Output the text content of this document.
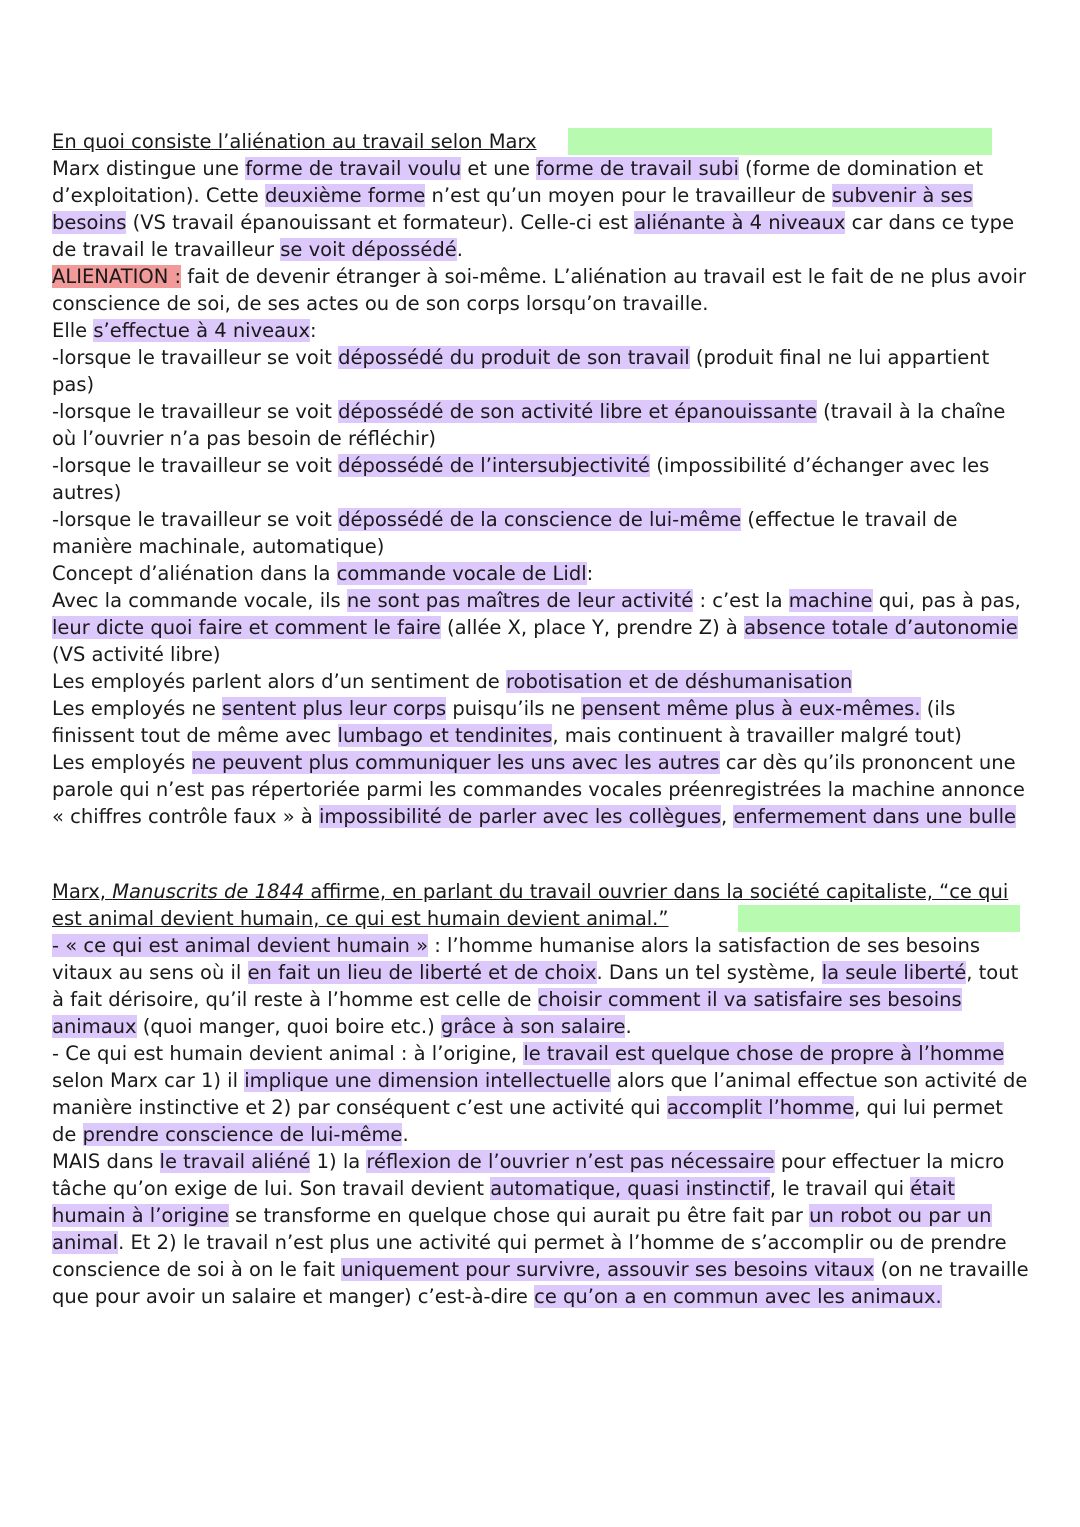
En quoi consiste l’aliénation au travail selon Marx

Marx distingue une forme de travail voulu et une forme de travail subi (forme de domination et d’exploitation). Cette deuxième forme n’est qu’un moyen pour le travailleur de subvenir à ses besoins (VS travail épanouissant et formateur). Celle-ci est aliénante à 4 niveaux car dans ce type de travail le travailleur se voit dépossédé.

ALIENATION : fait de devenir étranger à soi-même. L’aliénation au travail est le fait de ne plus avoir conscience de soi, de ses actes ou de son corps lorsqu’on travaille.

Elle s’effectue à 4 niveaux:

-lorsque le travailleur se voit dépossédé du produit de son travail (produit final ne lui appartient pas)

-lorsque le travailleur se voit dépossédé de son activité libre et épanouissante (travail à la chaîne où l’ouvrier n’a pas besoin de réfléchir)

-lorsque le travailleur se voit dépossédé de l’intersubjectivité (impossibilité d’échanger avec les autres)

-lorsque le travailleur se voit dépossédé de la conscience de lui-même (effectue le travail de manière machinale, automatique)

Concept d’aliénation dans la commande vocale de Lidl:

Avec la commande vocale, ils ne sont pas maîtres de leur activité : c’est la machine qui, pas à pas, leur dicte quoi faire et comment le faire (allée X, place Y, prendre Z) à absence totale d’autonomie (VS activité libre)

Les employés parlent alors d’un sentiment de robotisation et de déshumanisation

Les employés ne sentent plus leur corps puisqu’ils ne pensent même plus à eux-mêmes. (ils finissent tout de même avec lumbago et tendinites, mais continuent à travailler malgré tout)

Les employés ne peuvent plus communiquer les uns avec les autres car dès qu’ils prononcent une parole qui n’est pas répertoriée parmi les commandes vocales préenregistrées la machine annonce « chiffres contrôle faux » à impossibilité de parler avec les collègues, enfermement dans une bulle

Marx, Manuscrits de 1844 affirme, en parlant du travail ouvrier dans la société capitaliste, “ce qui est animal devient humain, ce qui est humain devient animal.”

- « ce qui est animal devient humain » : l’homme humanise alors la satisfaction de ses besoins vitaux au sens où il en fait un lieu de liberté et de choix. Dans un tel système, la seule liberté, tout à fait dérisoire, qu’il reste à l’homme est celle de choisir comment il va satisfaire ses besoins animaux (quoi manger, quoi boire etc.) grâce à son salaire.

- Ce qui est humain devient animal : à l’origine, le travail est quelque chose de propre à l’homme selon Marx car 1) il implique une dimension intellectuelle alors que l’animal effectue son activité de manière instinctive et 2) par conséquent c’est une activité qui accomplit l’homme, qui lui permet de prendre conscience de lui-même.

MAIS dans le travail aliéné 1) la réflexion de l’ouvrier n’est pas nécessaire pour effectuer la micro tâche qu’on exige de lui. Son travail devient automatique, quasi instinctif, le travail qui était humain à l’origine se transforme en quelque chose qui aurait pu être fait par un robot ou par un animal. Et 2) le travail n’est plus une activité qui permet à l’homme de s’accomplir ou de prendre conscience de soi à on le fait uniquement pour survivre, assouvir ses besoins vitaux (on ne travaille que pour avoir un salaire et manger) c’est-à-dire ce qu’on a en commun avec les animaux.
